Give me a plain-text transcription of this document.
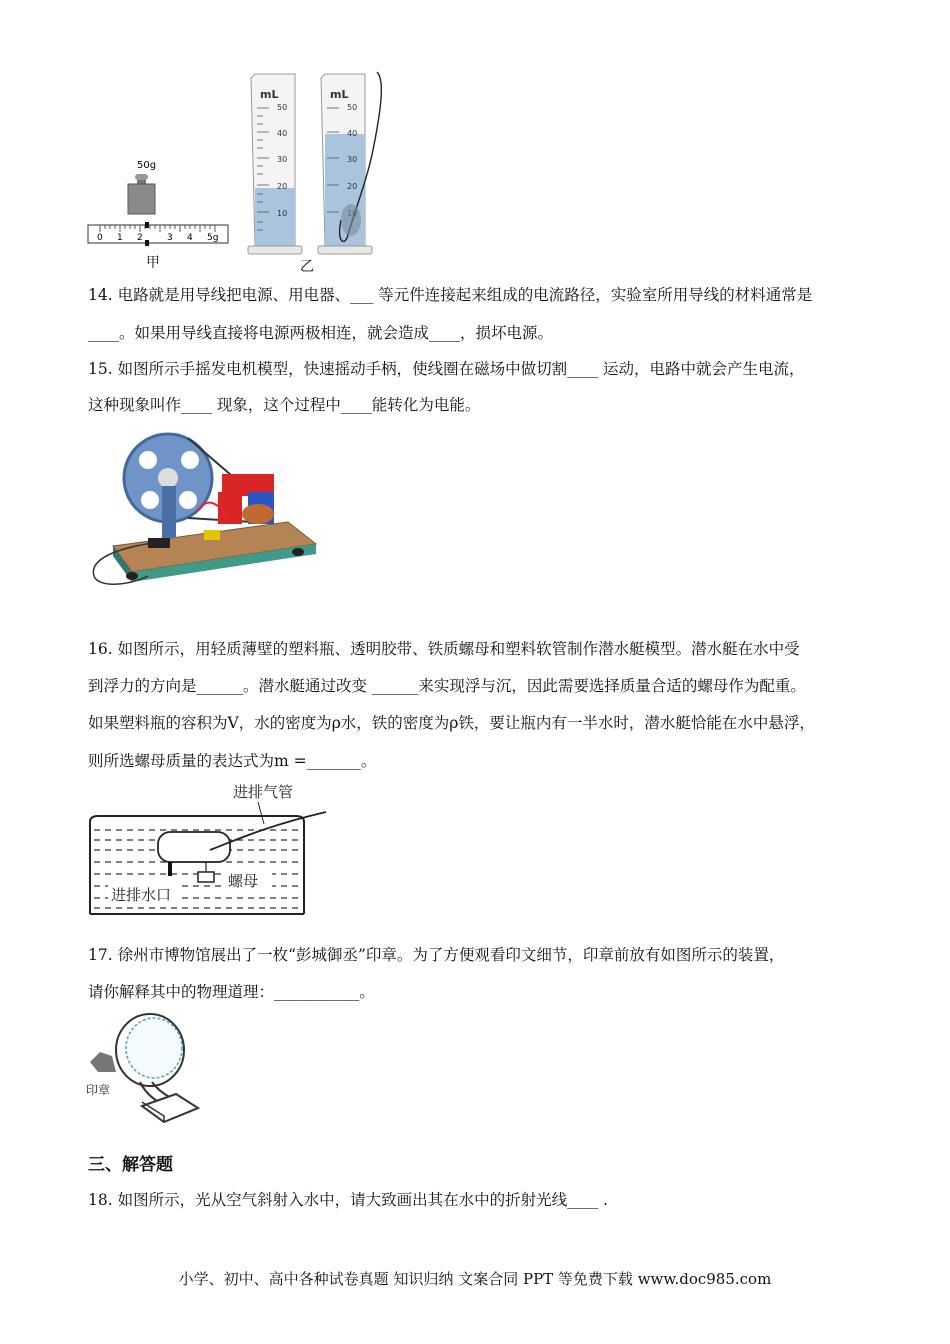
50g
0 1 2	3 4 5g
mL
50
40
30
20
10
mL
50
40
30
20
甲	乙
14. 电路就是用导线把电源、用电器、___ 等元件连接起来组成的电流路径，实验室所用导线的材料通常是
____。如果用导线直接将电源两极相连，就会造成____，损坏电源。
15. 如图所示手摇发电机模型，快速摇动手柄，使线圈在磁场中做切割____ 运动，电路中就会产生电流，
这种现象叫作____ 现象，这个过程中____能转化为电能。
16. 如图所示，用轻质薄壁的塑料瓶、透明胶带、铁质螺母和塑料软管制作潜水艇模型。潜水艇在水中受
到浮力的方向是______。潜水艇通过改变 ______来实现浮与沉，因此需要选择质量合适的螺母作为配重。
如果塑料瓶的容积为V，水的密度为ρ水，铁的密度为ρ铁，要让瓶内有一半水时，潜水艇恰能在水中悬浮，
则所选螺母质量的表达式为m =_______。
进排气管
螺母
进排水口
17. 徐州市博物馆展出了一枚“彭城御丞”印章。为了方便观看印文细节，印章前放有如图所示的装置，
请你解释其中的物理道理：___________。
印章
三、解答题
18. 如图所示，光从空气斜射入水中，请大致画出其在水中的折射光线____ .
小学、初中、高中各种试卷真题 知识归纳 文案合同 PPT 等免费下载 www.doc985.com
